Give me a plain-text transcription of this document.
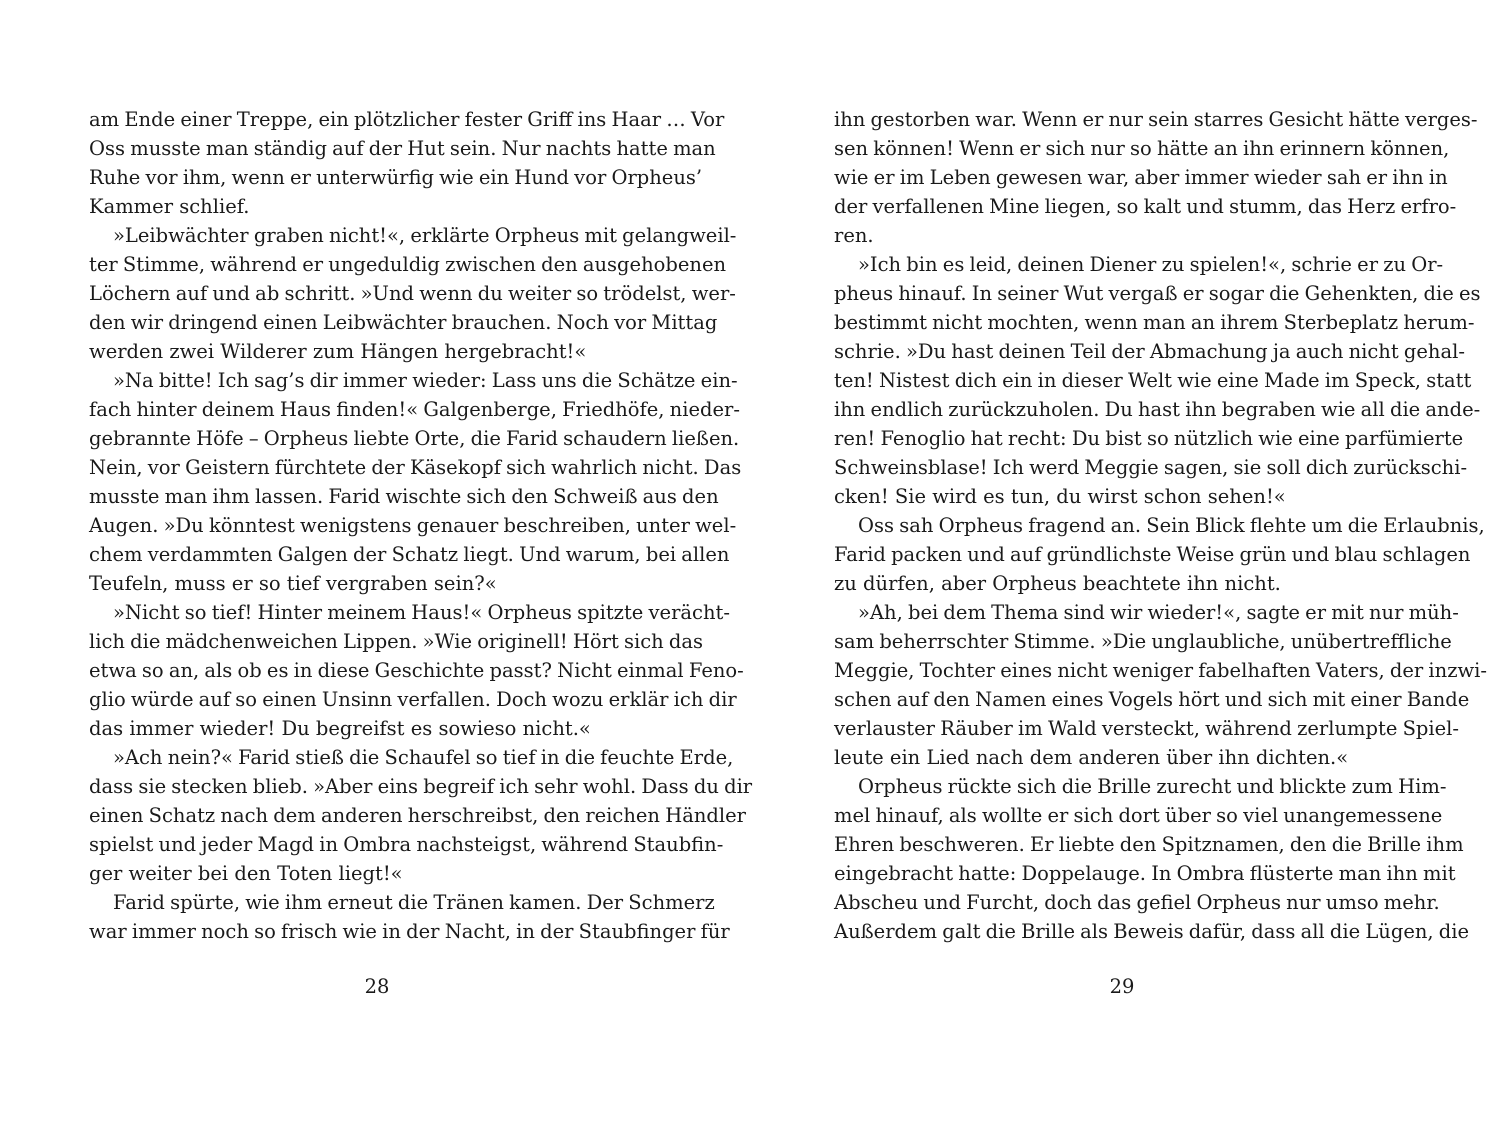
am Ende einer Treppe, ein plötzlicher fester Griff ins Haar … Vor
Oss musste man ständig auf der Hut sein. Nur nachts hatte man
Ruhe vor ihm, wenn er unterwürfig wie ein Hund vor Orpheus’
Kammer schlief.
»Leibwächter graben nicht!«, erklärte Orpheus mit gelangweil-
ter Stimme, während er ungeduldig zwischen den ausgehobenen
Löchern auf und ab schritt. »Und wenn du weiter so trödelst, wer-
den wir dringend einen Leibwächter brauchen. Noch vor Mittag
werden zwei Wilderer zum Hängen hergebracht!«
»Na bitte! Ich sag’s dir immer wieder: Lass uns die Schätze ein-
fach hinter deinem Haus finden!« Galgenberge, Friedhöfe, nieder-
gebrannte Höfe – Orpheus liebte Orte, die Farid schaudern ließen.
Nein, vor Geistern fürchtete der Käsekopf sich wahrlich nicht. Das
musste man ihm lassen. Farid wischte sich den Schweiß aus den
Augen. »Du könntest wenigstens genauer beschreiben, unter wel-
chem verdammten Galgen der Schatz liegt. Und warum, bei allen
Teufeln, muss er so tief vergraben sein?«
»Nicht so tief! Hinter meinem Haus!« Orpheus spitzte verächt-
lich die mädchenweichen Lippen. »Wie originell! Hört sich das
etwa so an, als ob es in diese Geschichte passt? Nicht einmal Feno-
glio würde auf so einen Unsinn verfallen. Doch wozu erklär ich dir
das immer wieder! Du begreifst es sowieso nicht.«
»Ach nein?« Farid stieß die Schaufel so tief in die feuchte Erde,
dass sie stecken blieb. »Aber eins begreif ich sehr wohl. Dass du dir
einen Schatz nach dem anderen herschreibst, den reichen Händler
spielst und jeder Magd in Ombra nachsteigst, während Staubfin-
ger weiter bei den Toten liegt!«
Farid spürte, wie ihm erneut die Tränen kamen. Der Schmerz
war immer noch so frisch wie in der Nacht, in der Staubfinger für
28
ihn gestorben war. Wenn er nur sein starres Gesicht hätte verges-
sen können! Wenn er sich nur so hätte an ihn erinnern können,
wie er im Leben gewesen war, aber immer wieder sah er ihn in
der verfallenen Mine liegen, so kalt und stumm, das Herz erfro-
ren.
»Ich bin es leid, deinen Diener zu spielen!«, schrie er zu Or-
pheus hinauf. In seiner Wut vergaß er sogar die Gehenkten, die es
bestimmt nicht mochten, wenn man an ihrem Sterbeplatz herum-
schrie. »Du hast deinen Teil der Abmachung ja auch nicht gehal-
ten! Nistest dich ein in dieser Welt wie eine Made im Speck, statt
ihn endlich zurückzuholen. Du hast ihn begraben wie all die ande-
ren! Fenoglio hat recht: Du bist so nützlich wie eine parfümierte
Schweinsblase! Ich werd Meggie sagen, sie soll dich zurückschi-
cken! Sie wird es tun, du wirst schon sehen!«
Oss sah Orpheus fragend an. Sein Blick flehte um die Erlaubnis,
Farid packen und auf gründlichste Weise grün und blau schlagen
zu dürfen, aber Orpheus beachtete ihn nicht.
»Ah, bei dem Thema sind wir wieder!«, sagte er mit nur müh-
sam beherrschter Stimme. »Die unglaubliche, unübertreffliche
Meggie, Tochter eines nicht weniger fabelhaften Vaters, der inzwi-
schen auf den Namen eines Vogels hört und sich mit einer Bande
verlauster Räuber im Wald versteckt, während zerlumpte Spiel-
leute ein Lied nach dem anderen über ihn dichten.«
Orpheus rückte sich die Brille zurecht und blickte zum Him-
mel hinauf, als wollte er sich dort über so viel unangemessene
Ehren beschweren. Er liebte den Spitznamen, den die Brille ihm
eingebracht hatte: Doppelauge. In Ombra flüsterte man ihn mit
Abscheu und Furcht, doch das gefiel Orpheus nur umso mehr.
Außerdem galt die Brille als Beweis dafür, dass all die Lügen, die
29
